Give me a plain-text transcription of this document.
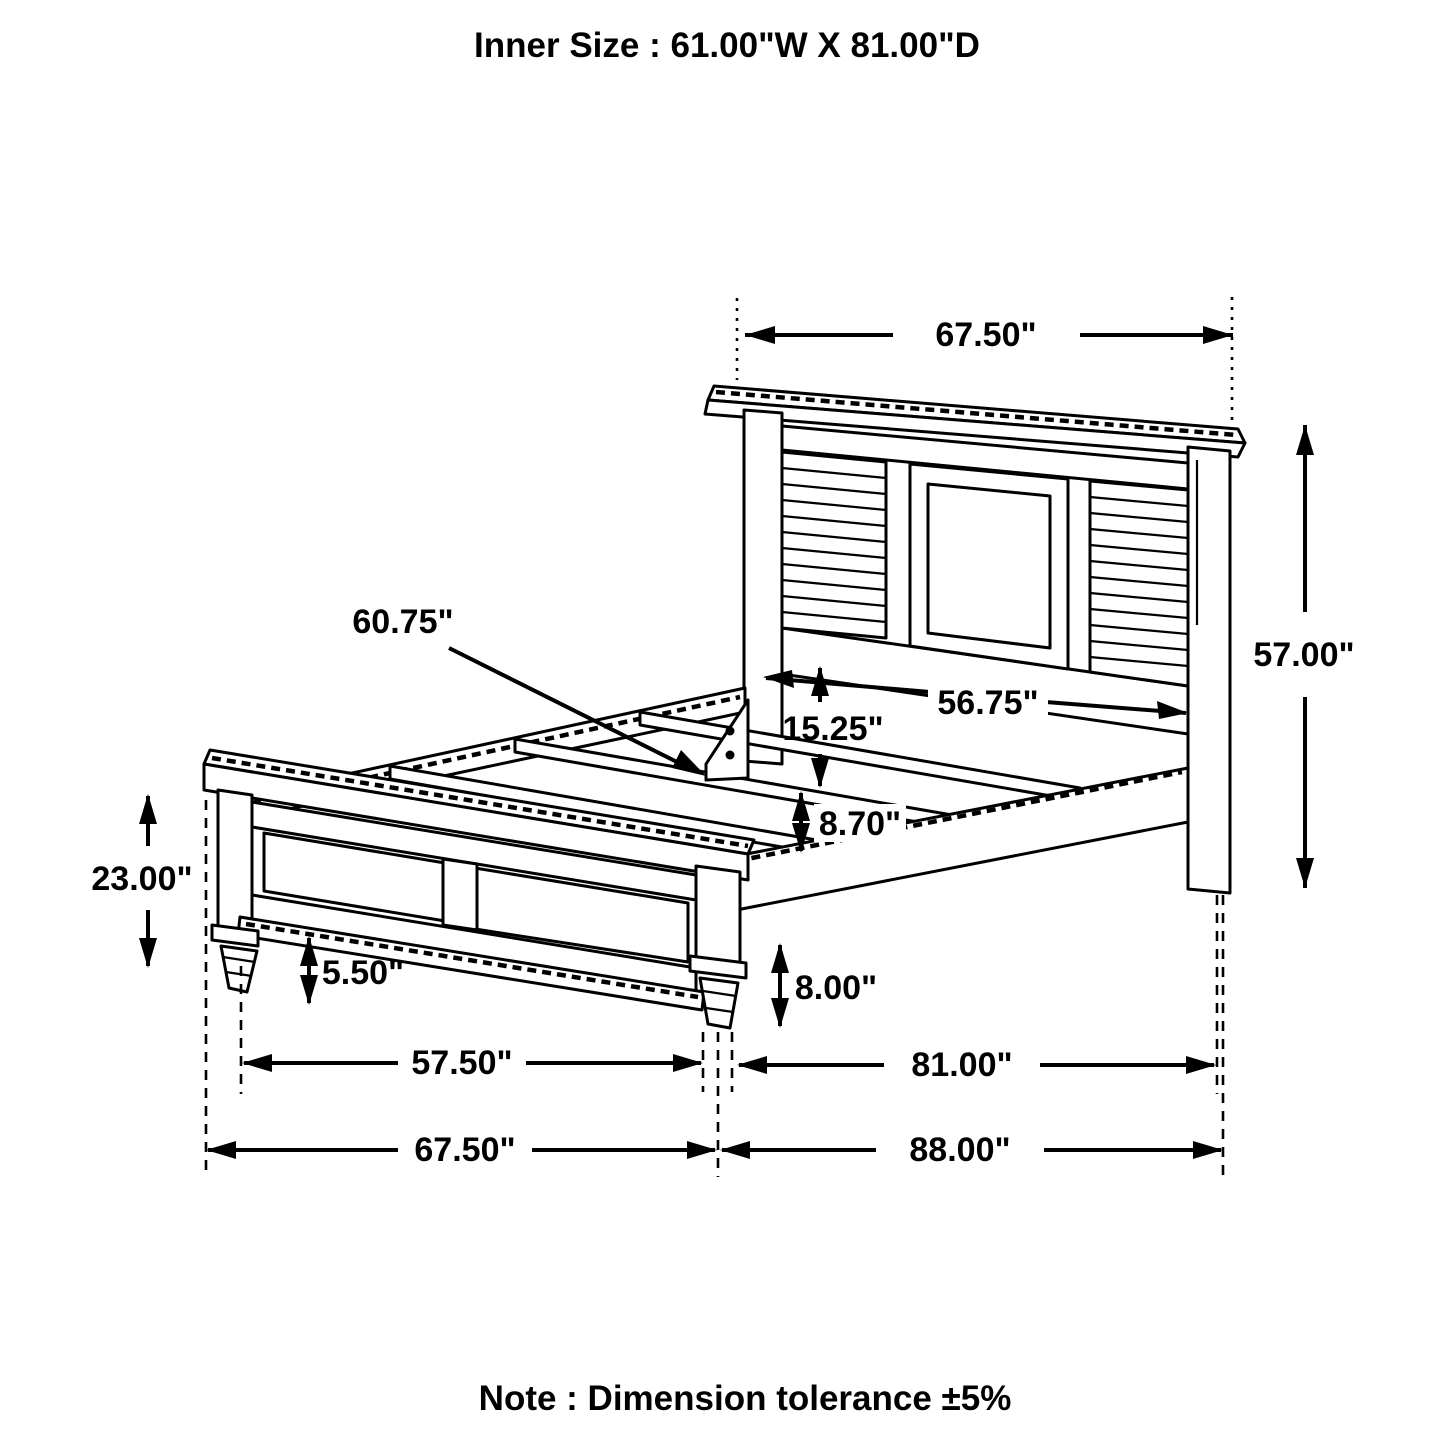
Inner Size : 61.00"W X 81.00"D
67.50"
57.00"
60.75"
15.25"
56.75"
8.70"
23.00"
5.50"	8.00"
57.50"	81.00"
67.50"	88.00"
Note : Dimension tolerance ±5%
